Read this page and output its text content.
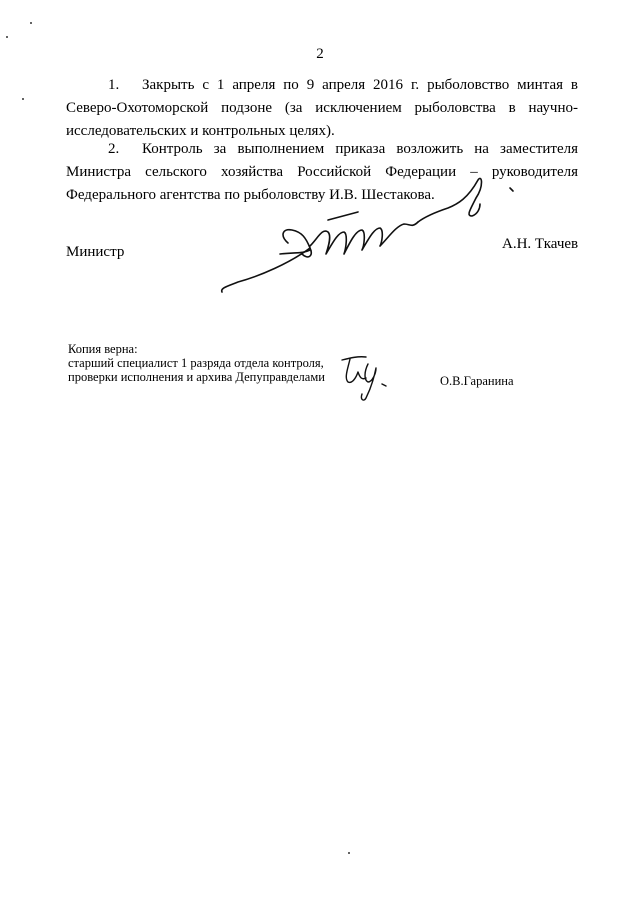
2

1. Закрыть с 1 апреля по 9 апреля 2016 г. рыболовство минтая в Северо-Охотоморской подзоне (за исключением рыболовства в научно-исследовательских и контрольных целях).

2. Контроль за выполнением приказа возложить на заместителя Министра сельского хозяйства Российской Федерации – руководителя Федерального агентства по рыболовству И.В. Шестакова.

Министр	А.Н. Ткачев
Копия верна:
старший специалист 1 разряда отдела контроля,
проверки исполнения и архива Депуправделами	О.В.Гаранина
